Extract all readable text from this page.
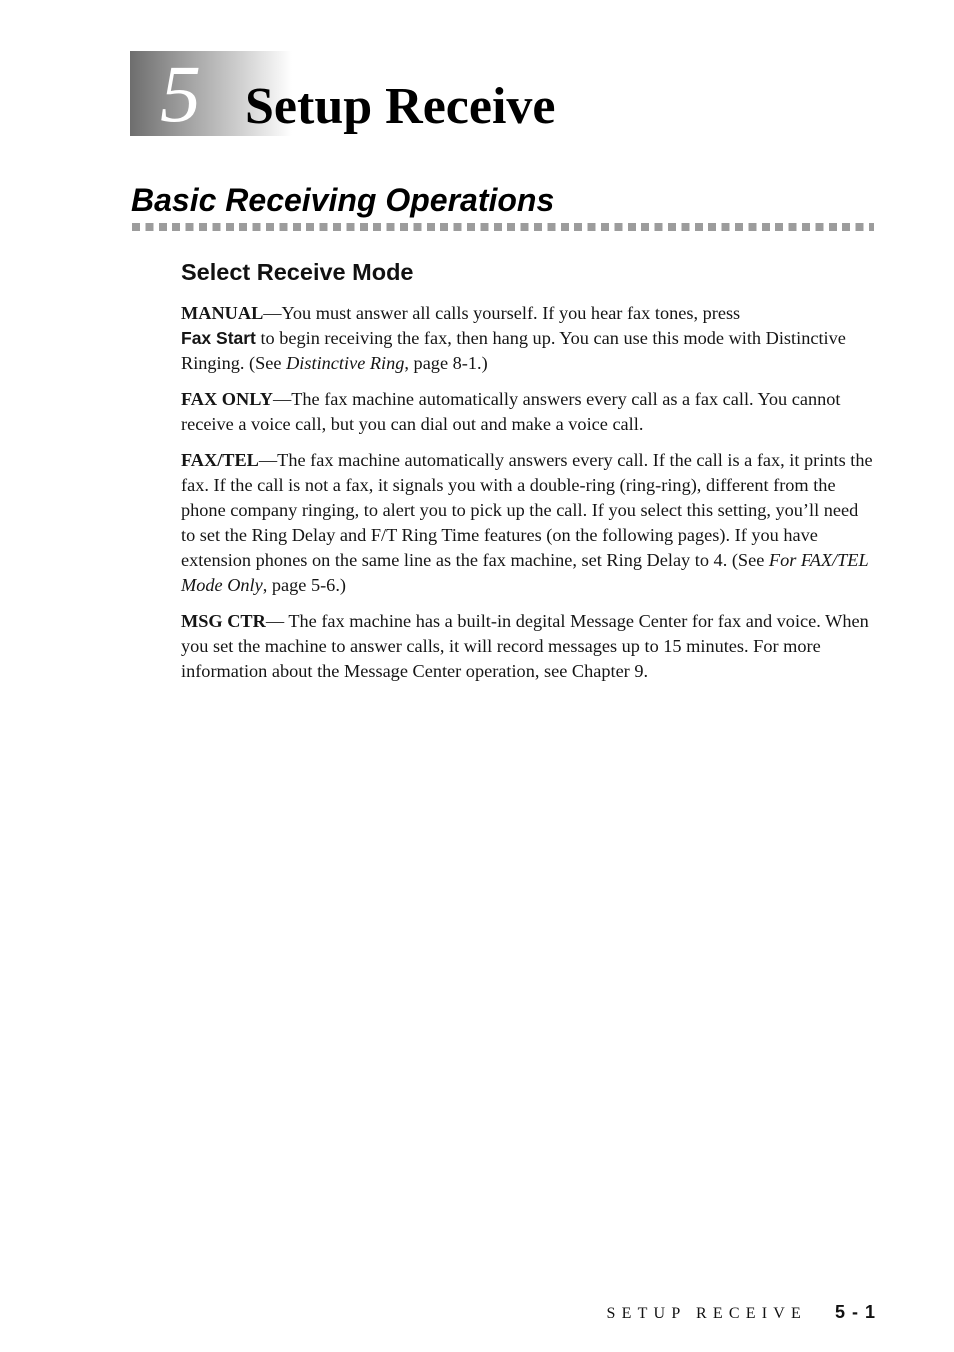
5 Setup Receive
Basic Receiving Operations
Select Receive Mode

MANUAL—You must answer all calls yourself. If you hear fax tones, press
Fax Start to begin receiving the fax, then hang up. You can use this mode with Distinctive Ringing. (See Distinctive Ring, page 8-1.)

FAX ONLY—The fax machine automatically answers every call as a fax call. You cannot receive a voice call, but you can dial out and make a voice call.

FAX/TEL—The fax machine automatically answers every call. If the call is a fax, it prints the fax. If the call is not a fax, it signals you with a double-ring (ring-ring), different from the phone company ringing, to alert you to pick up the call. If you select this setting, you’ll need to set the Ring Delay and F/T Ring Time features (on the following pages). If you have extension phones on the same line as the fax machine, set Ring Delay to 4. (See For FAX/TEL Mode Only, page 5-6.)

MSG CTR— The fax machine has a built-in degital Message Center for fax and voice. When you set the machine to answer calls, it will record messages up to 15 minutes. For more information about the Message Center operation, see Chapter 9.

SETUP RECEIVE 5 - 1
